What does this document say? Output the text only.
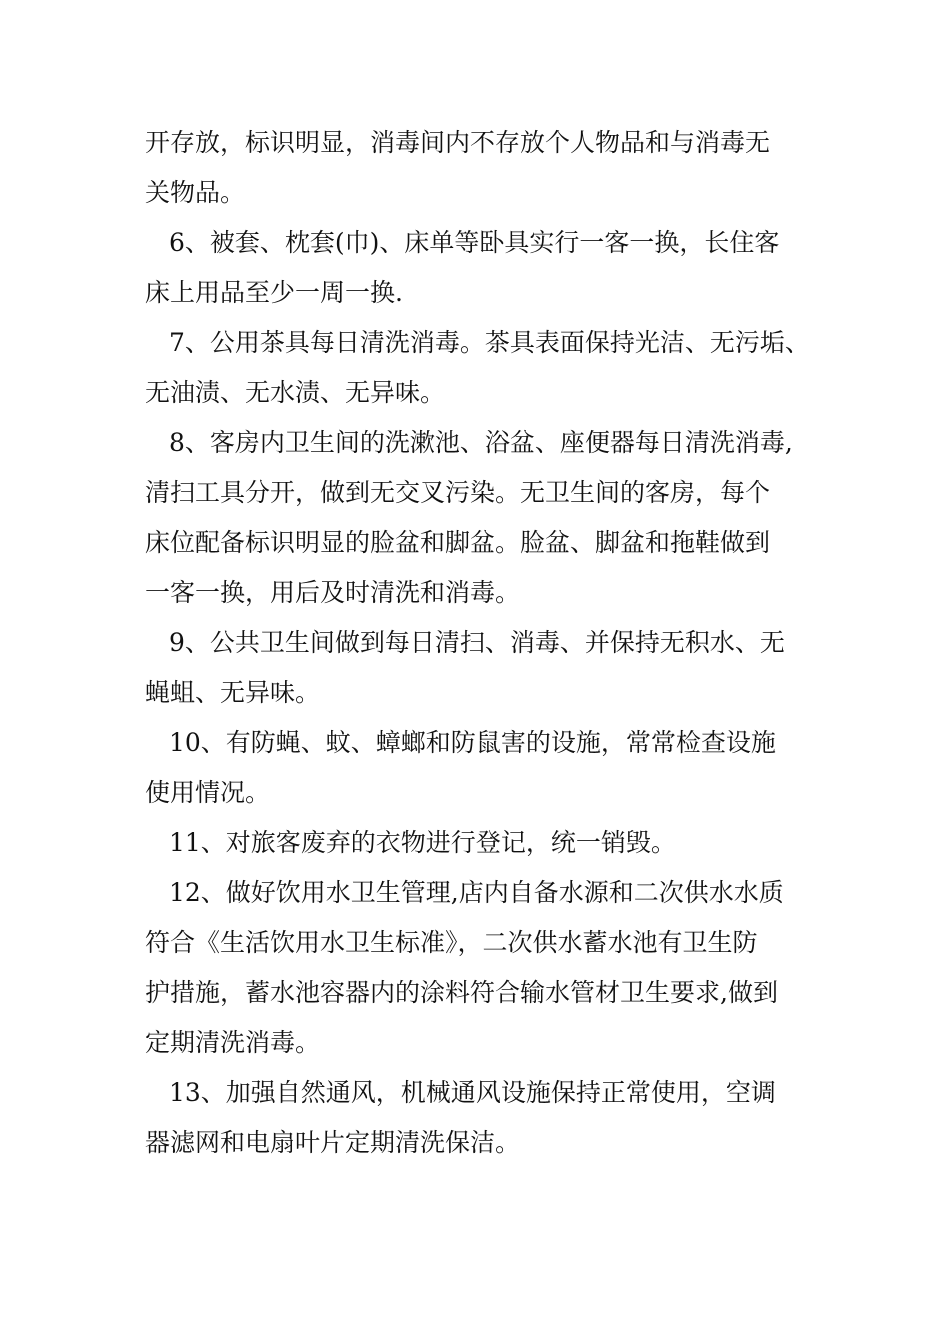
开存放，标识明显，消毒间内不存放个人物品和与消毒无
关物品。
6、被套、枕套(巾)、床单等卧具实行一客一换，长住客
床上用品至少一周一换.
7、公用茶具每日清洗消毒。茶具表面保持光洁、无污垢、
无油渍、无水渍、无异味。
8、客房内卫生间的洗漱池、浴盆、座便器每日清洗消毒,
清扫工具分开，做到无交叉污染。无卫生间的客房，每个
床位配备标识明显的脸盆和脚盆。脸盆、脚盆和拖鞋做到
一客一换，用后及时清洗和消毒。
9、公共卫生间做到每日清扫、消毒、并保持无积水、无
蝇蛆、无异味。
10、有防蝇、蚊、蟑螂和防鼠害的设施，常常检查设施
使用情况。
11、对旅客废弃的衣物进行登记，统一销毁。
12、做好饮用水卫生管理,店内自备水源和二次供水水质
符合《生活饮用水卫生标准》，二次供水蓄水池有卫生防
护措施，蓄水池容器内的涂料符合输水管材卫生要求,做到
定期清洗消毒。
13、加强自然通风，机械通风设施保持正常使用，空调
器滤网和电扇叶片定期清洗保洁。
